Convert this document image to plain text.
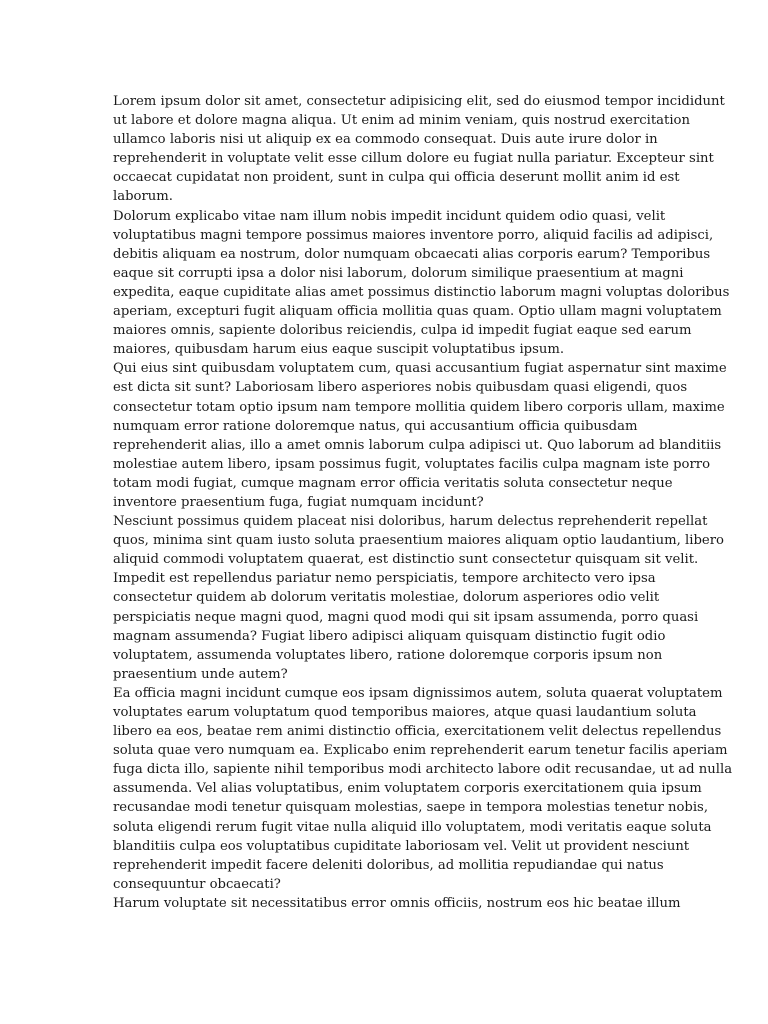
Lorem ipsum dolor sit amet, consectetur adipisicing elit, sed do eiusmod tempor incididunt
ut labore et dolore magna aliqua. Ut enim ad minim veniam, quis nostrud exercitation
ullamco laboris nisi ut aliquip ex ea commodo consequat. Duis aute irure dolor in
reprehenderit in voluptate velit esse cillum dolore eu fugiat nulla pariatur. Excepteur sint
occaecat cupidatat non proident, sunt in culpa qui officia deserunt mollit anim id est
laborum.

Dolorum explicabo vitae nam illum nobis impedit incidunt quidem odio quasi, velit
voluptatibus magni tempore possimus maiores inventore porro, aliquid facilis ad adipisci,
debitis aliquam ea nostrum, dolor numquam obcaecati alias corporis earum? Temporibus
eaque sit corrupti ipsa a dolor nisi laborum, dolorum similique praesentium at magni
expedita, eaque cupiditate alias amet possimus distinctio laborum magni voluptas doloribus
aperiam, excepturi fugit aliquam officia mollitia quas quam. Optio ullam magni voluptatem
maiores omnis, sapiente doloribus reiciendis, culpa id impedit fugiat eaque sed earum
maiores, quibusdam harum eius eaque suscipit voluptatibus ipsum.

Qui eius sint quibusdam voluptatem cum, quasi accusantium fugiat aspernatur sint maxime
est dicta sit sunt? Laboriosam libero asperiores nobis quibusdam quasi eligendi, quos
consectetur totam optio ipsum nam tempore mollitia quidem libero corporis ullam, maxime
numquam error ratione doloremque natus, qui accusantium officia quibusdam
reprehenderit alias, illo a amet omnis laborum culpa adipisci ut. Quo laborum ad blanditiis
molestiae autem libero, ipsam possimus fugit, voluptates facilis culpa magnam iste porro
totam modi fugiat, cumque magnam error officia veritatis soluta consectetur neque
inventore praesentium fuga, fugiat numquam incidunt?

Nesciunt possimus quidem placeat nisi doloribus, harum delectus reprehenderit repellat
quos, minima sint quam iusto soluta praesentium maiores aliquam optio laudantium, libero
aliquid commodi voluptatem quaerat, est distinctio sunt consectetur quisquam sit velit.
Impedit est repellendus pariatur nemo perspiciatis, tempore architecto vero ipsa
consectetur quidem ab dolorum veritatis molestiae, dolorum asperiores odio velit
perspiciatis neque magni quod, magni quod modi qui sit ipsam assumenda, porro quasi
magnam assumenda? Fugiat libero adipisci aliquam quisquam distinctio fugit odio
voluptatem, assumenda voluptates libero, ratione doloremque corporis ipsum non
praesentium unde autem?

Ea officia magni incidunt cumque eos ipsam dignissimos autem, soluta quaerat voluptatem
voluptates earum voluptatum quod temporibus maiores, atque quasi laudantium soluta
libero ea eos, beatae rem animi distinctio officia, exercitationem velit delectus repellendus
soluta quae vero numquam ea. Explicabo enim reprehenderit earum tenetur facilis aperiam
fuga dicta illo, sapiente nihil temporibus modi architecto labore odit recusandae, ut ad nulla
assumenda. Vel alias voluptatibus, enim voluptatem corporis exercitationem quia ipsum
recusandae modi tenetur quisquam molestias, saepe in tempora molestias tenetur nobis,
soluta eligendi rerum fugit vitae nulla aliquid illo voluptatem, modi veritatis eaque soluta
blanditiis culpa eos voluptatibus cupiditate laboriosam vel. Velit ut provident nesciunt
reprehenderit impedit facere deleniti doloribus, ad mollitia repudiandae qui natus
consequuntur obcaecati?

Harum voluptate sit necessitatibus error omnis officiis, nostrum eos hic beatae illum
